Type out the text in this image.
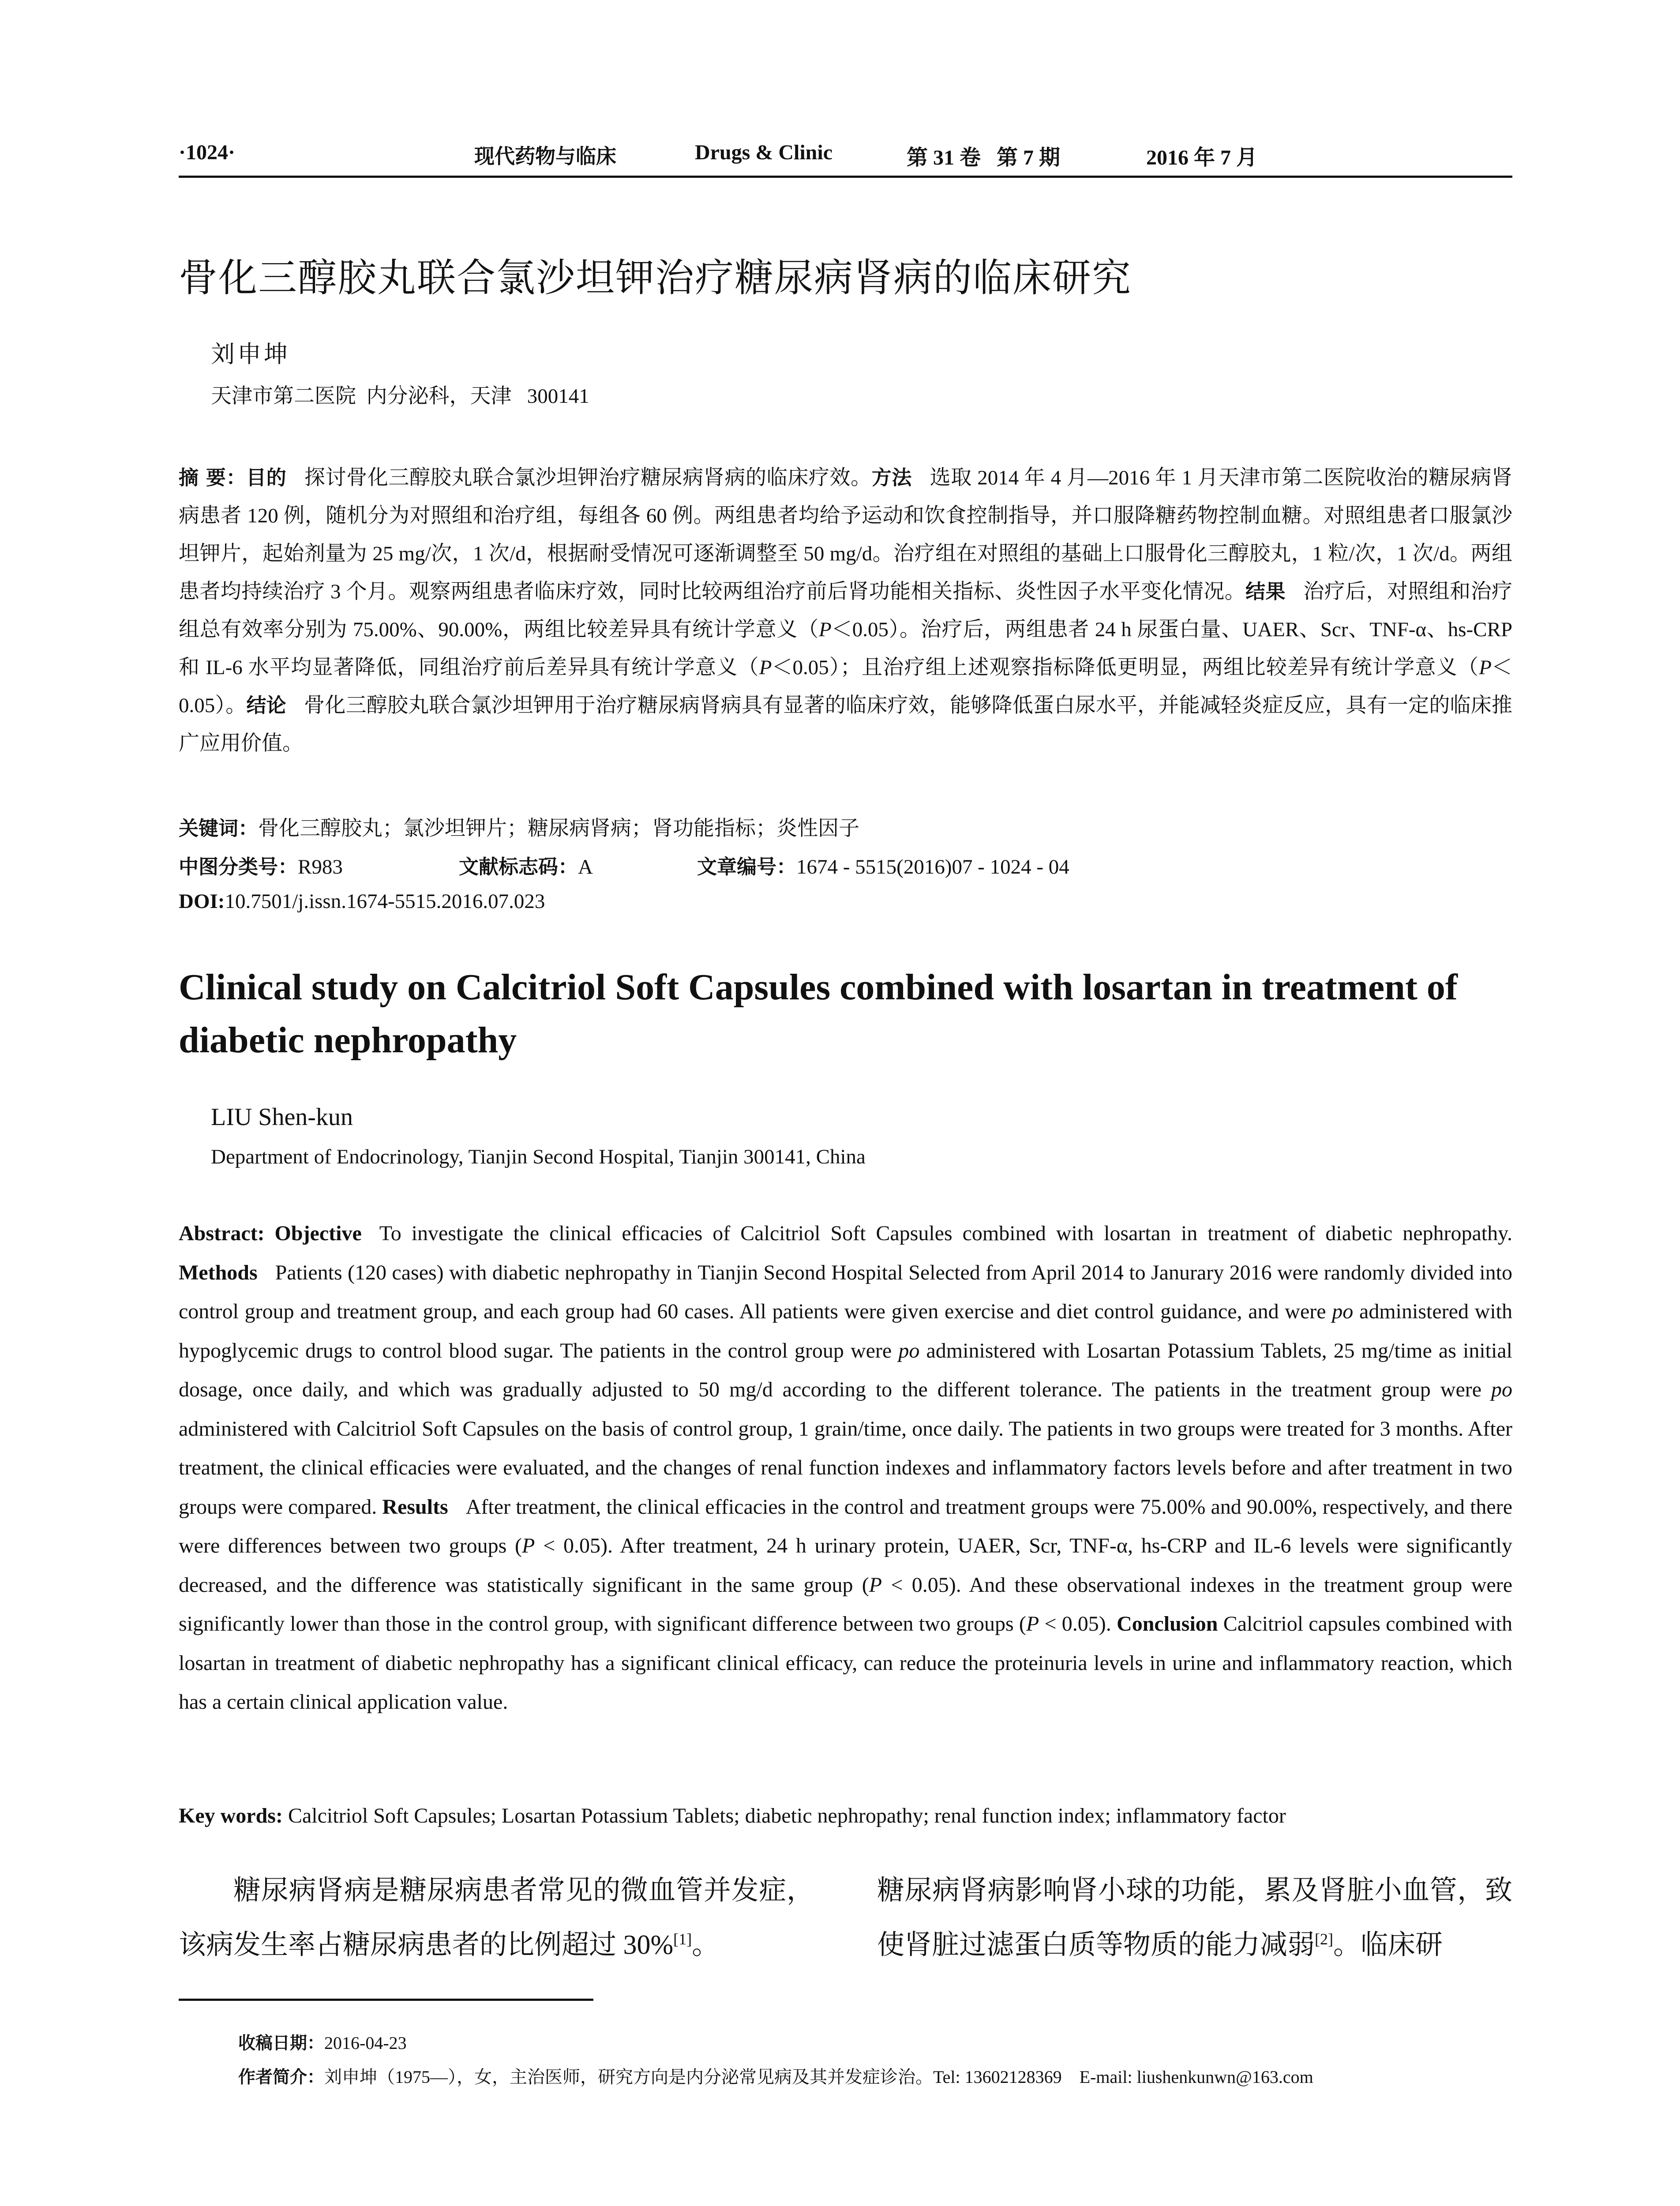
·1024·	现代药物与临床	Drugs & Clinic	第 31 卷   第 7 期	2016 年 7 月
骨化三醇胶丸联合氯沙坦钾治疗糖尿病肾病的临床研究
刘申坤
天津市第二医院  内分泌科，天津   300141
摘 要：目的 探讨骨化三醇胶丸联合氯沙坦钾治疗糖尿病肾病的临床疗效。方法 选取 2014 年 4 月—2016 年 1 月天津市第二医院收治的糖尿病肾病患者 120 例，随机分为对照组和治疗组，每组各 60 例。两组患者均给予运动和饮食控制指导，并口服降糖药物控制血糖。对照组患者口服氯沙坦钾片，起始剂量为 25 mg/次，1 次/d，根据耐受情况可逐渐调整至 50 mg/d。治疗组在对照组的基础上口服骨化三醇胶丸，1 粒/次，1 次/d。两组患者均持续治疗 3 个月。观察两组患者临床疗效，同时比较两组治疗前后肾功能相关指标、炎性因子水平变化情况。结果 治疗后，对照组和治疗组总有效率分别为 75.00%、90.00%，两组比较差异具有统计学意义（P＜0.05）。治疗后，两组患者 24 h 尿蛋白量、UAER、Scr、TNF-α、hs-CRP 和 IL-6 水平均显著降低，同组治疗前后差异具有统计学意义（P＜0.05）；且治疗组上述观察指标降低更明显，两组比较差异有统计学意义（P＜0.05）。结论 骨化三醇胶丸联合氯沙坦钾用于治疗糖尿病肾病具有显著的临床疗效，能够降低蛋白尿水平，并能减轻炎症反应，具有一定的临床推广应用价值。
关键词：骨化三醇胶丸；氯沙坦钾片；糖尿病肾病；肾功能指标；炎性因子
中图分类号：R983	文献标志码：A	文章编号：1674 - 5515(2016)07 - 1024 - 04
DOI:10.7501/j.issn.1674-5515.2016.07.023
Clinical study on Calcitriol Soft Capsules combined with losartan in treatment of diabetic nephropathy
LIU Shen-kun
Department of Endocrinology, Tianjin Second Hospital, Tianjin 300141, China
Abstract: Objective To investigate the clinical efficacies of Calcitriol Soft Capsules combined with losartan in treatment of diabetic nephropathy. Methods Patients (120 cases) with diabetic nephropathy in Tianjin Second Hospital Selected from April 2014 to Janurary 2016 were randomly divided into control group and treatment group, and each group had 60 cases. All patients were given exercise and diet control guidance, and were po administered with hypoglycemic drugs to control blood sugar. The patients in the control group were po administered with Losartan Potassium Tablets, 25 mg/time as initial dosage, once daily, and which was gradually adjusted to 50 mg/d according to the different tolerance. The patients in the treatment group were po administered with Calcitriol Soft Capsules on the basis of control group, 1 grain/time, once daily. The patients in two groups were treated for 3 months. After treatment, the clinical efficacies were evaluated, and the changes of renal function indexes and inflammatory factors levels before and after treatment in two groups were compared. Results After treatment, the clinical efficacies in the control and treatment groups were 75.00% and 90.00%, respectively, and there were differences between two groups (P < 0.05). After treatment, 24 h urinary protein, UAER, Scr, TNF-α, hs-CRP and IL-6 levels were significantly decreased, and the difference was statistically significant in the same group (P < 0.05). And these observational indexes in the treatment group were significantly lower than those in the control group, with significant difference between two groups (P < 0.05). Conclusion Calcitriol capsules combined with losartan in treatment of diabetic nephropathy has a significant clinical efficacy, can reduce the proteinuria levels in urine and inflammatory reaction, which has a certain clinical application value.
Key words: Calcitriol Soft Capsules; Losartan Potassium Tablets; diabetic nephropathy; renal function index; inflammatory factor
糖尿病肾病是糖尿病患者常见的微血管并发症，该病发生率占糖尿病患者的比例超过 30%[1]。
糖尿病肾病影响肾小球的功能，累及肾脏小血管，致使肾脏过滤蛋白质等物质的能力减弱[2]。临床研
收稿日期：2016-04-23
作者简介：刘申坤（1975—），女，主治医师，研究方向是内分泌常见病及其并发症诊治。Tel: 13602128369    E-mail: liushenkunwn@163.com
